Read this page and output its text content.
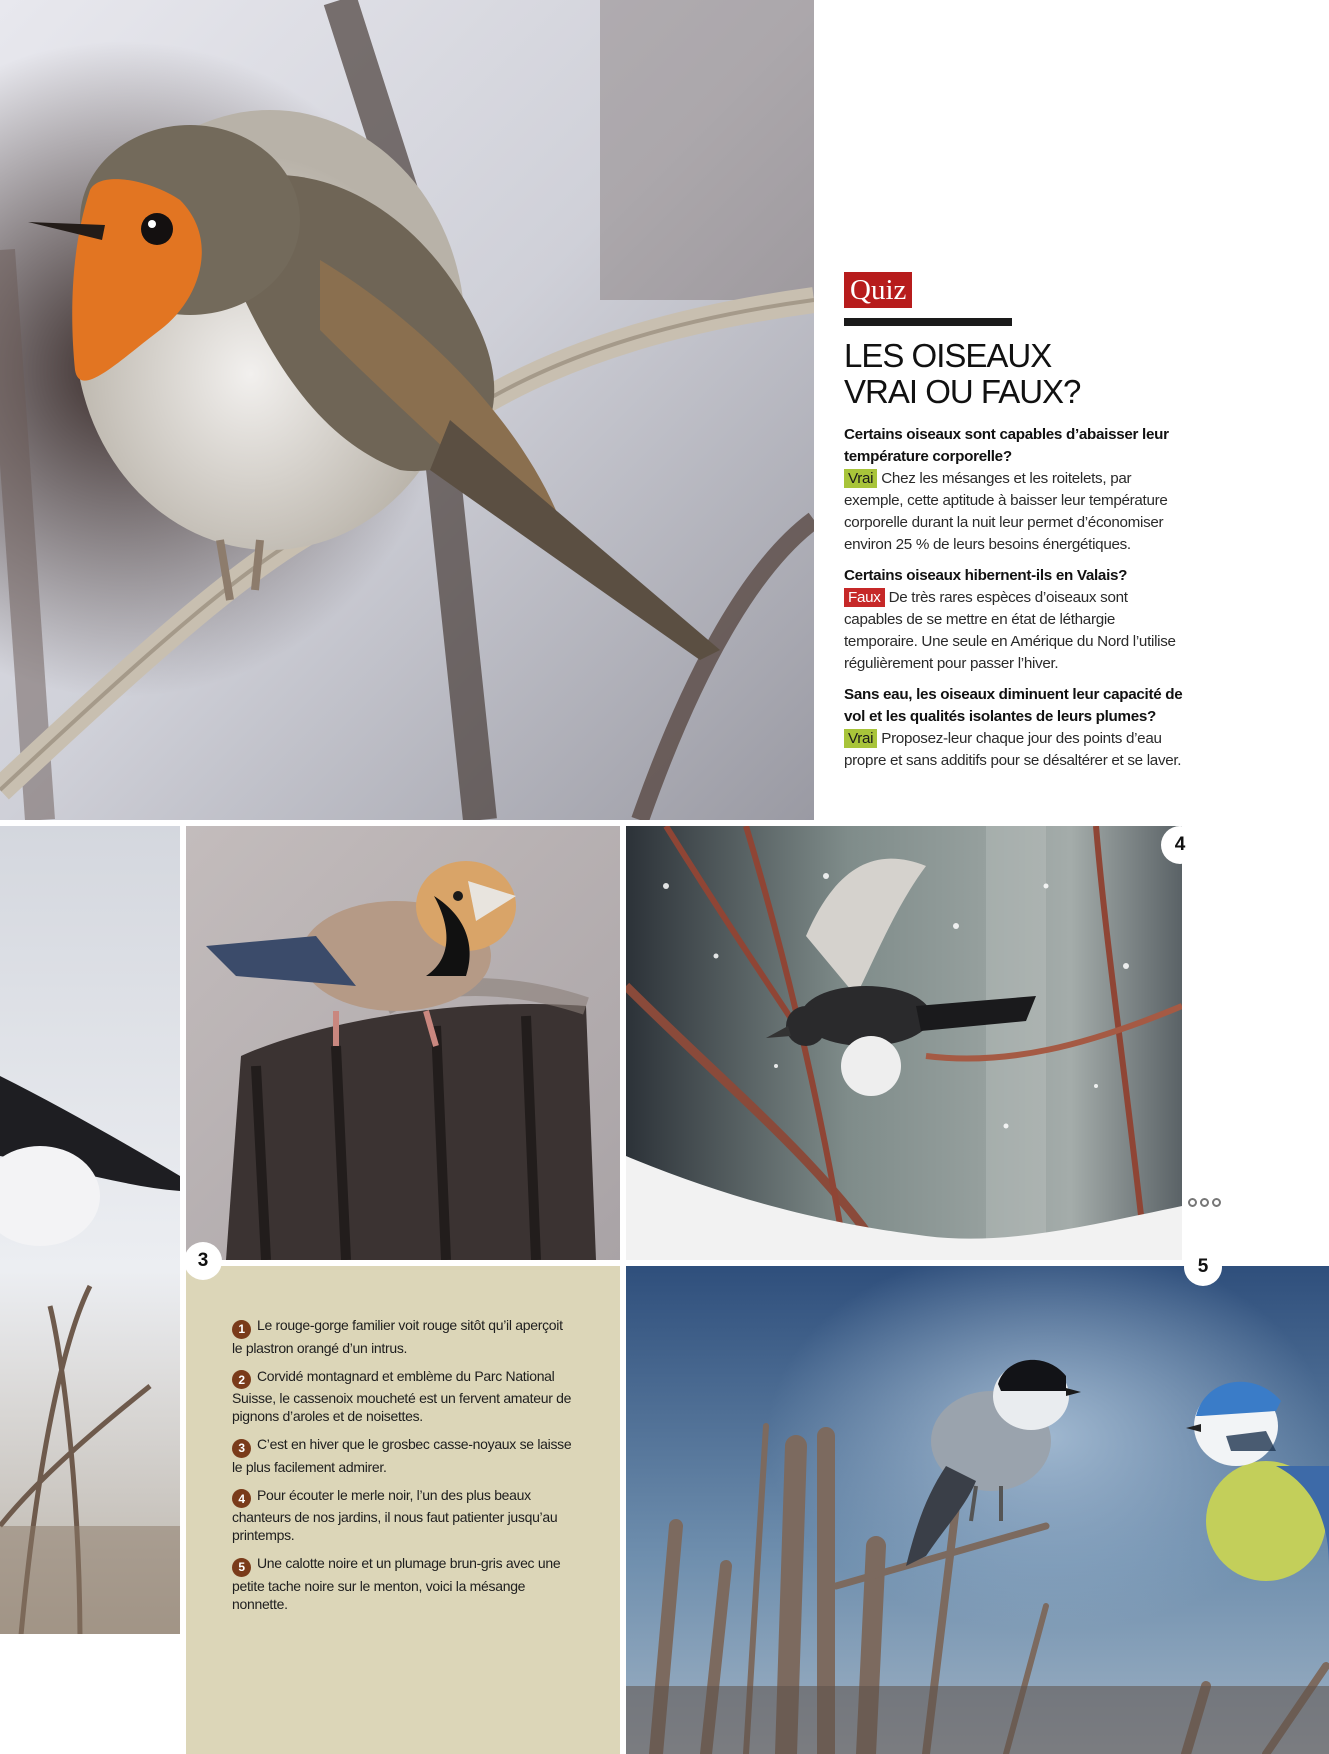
Quiz
LES OISEAUX
VRAI OU FAUX?
Certains oiseaux sont capables d’abaisser leur température corporelle?
Vrai Chez les mésanges et les roitelets, par exemple, cette aptitude à baisser leur température corporelle durant la nuit leur permet d’économiser environ 25 % de leurs besoins énergétiques.
Certains oiseaux hibernent-ils en Valais?
Faux De très rares espèces d’oiseaux sont capables de se mettre en état de léthargie temporaire. Une seule en Amérique du Nord l’utilise régulièrement pour passer l’hiver.
Sans eau, les oiseaux diminuent leur capacité de vol et les qualités isolantes de leurs plumes? Vrai Proposez-leur chaque jour des points d’eau propre et sans additifs pour se désaltérer et se laver.
1 Le rouge-gorge familier voit rouge sitôt qu’il aperçoit le plastron orangé d’un intrus.
2 Corvidé montagnard et emblème du Parc National Suisse, le cassenoix moucheté est un fervent amateur de pignons d’aroles et de noisettes.
3 C’est en hiver que le grosbec casse-noyaux se laisse le plus facilement admirer.
4 Pour écouter le merle noir, l’un des plus beaux chanteurs de nos jardins, il nous faut patienter jusqu’au printemps.
5 Une calotte noire et un plumage brun-gris avec une petite tache noire sur le menton, voici la mésange nonnette.
3
4
5
